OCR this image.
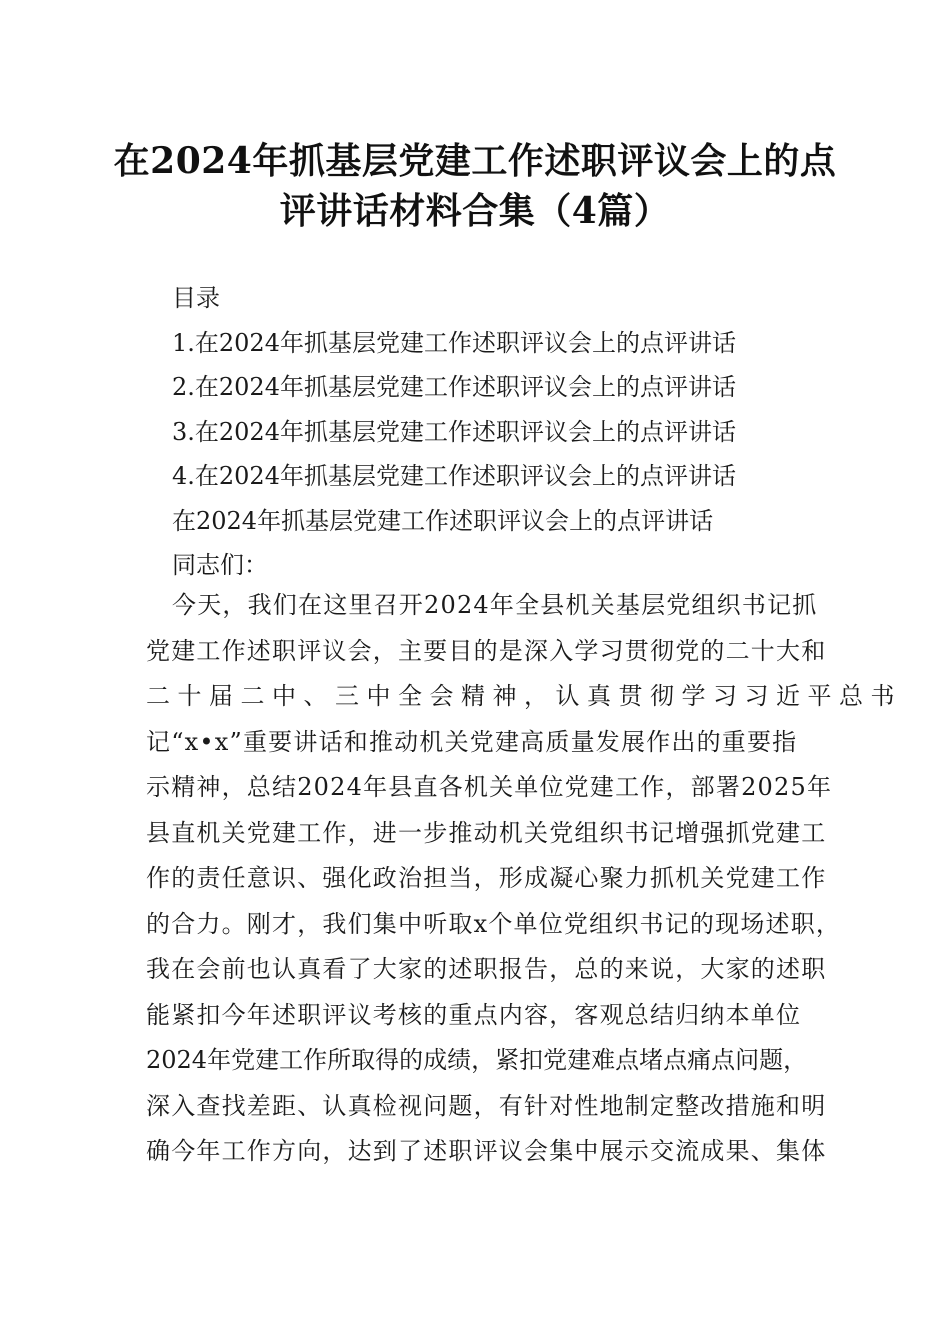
在2024年抓基层党建工作述职评议会上的点
评讲话材料合集（4篇）
目录
1.在2024年抓基层党建工作述职评议会上的点评讲话
2.在2024年抓基层党建工作述职评议会上的点评讲话
3.在2024年抓基层党建工作述职评议会上的点评讲话
4.在2024年抓基层党建工作述职评议会上的点评讲话
在2024年抓基层党建工作述职评议会上的点评讲话
同志们：
今天，我们在这里召开2024年全县机关基层党组织书记抓
党建工作述职评议会，主要目的是深入学习贯彻党的二十大和
二十届二中、三中全会精神，认真贯彻学习习近平总书
记“x•x”重要讲话和推动机关党建高质量发展作出的重要指
示精神，总结2024年县直各机关单位党建工作，部署2025年
县直机关党建工作，进一步推动机关党组织书记增强抓党建工
作的责任意识、强化政治担当，形成凝心聚力抓机关党建工作
的合力。刚才，我们集中听取x个单位党组织书记的现场述职，
我在会前也认真看了大家的述职报告，总的来说，大家的述职
能紧扣今年述职评议考核的重点内容，客观总结归纳本单位
2024年党建工作所取得的成绩，紧扣党建难点堵点痛点问题，
深入查找差距、认真检视问题，有针对性地制定整改措施和明
确今年工作方向，达到了述职评议会集中展示交流成果、集体
